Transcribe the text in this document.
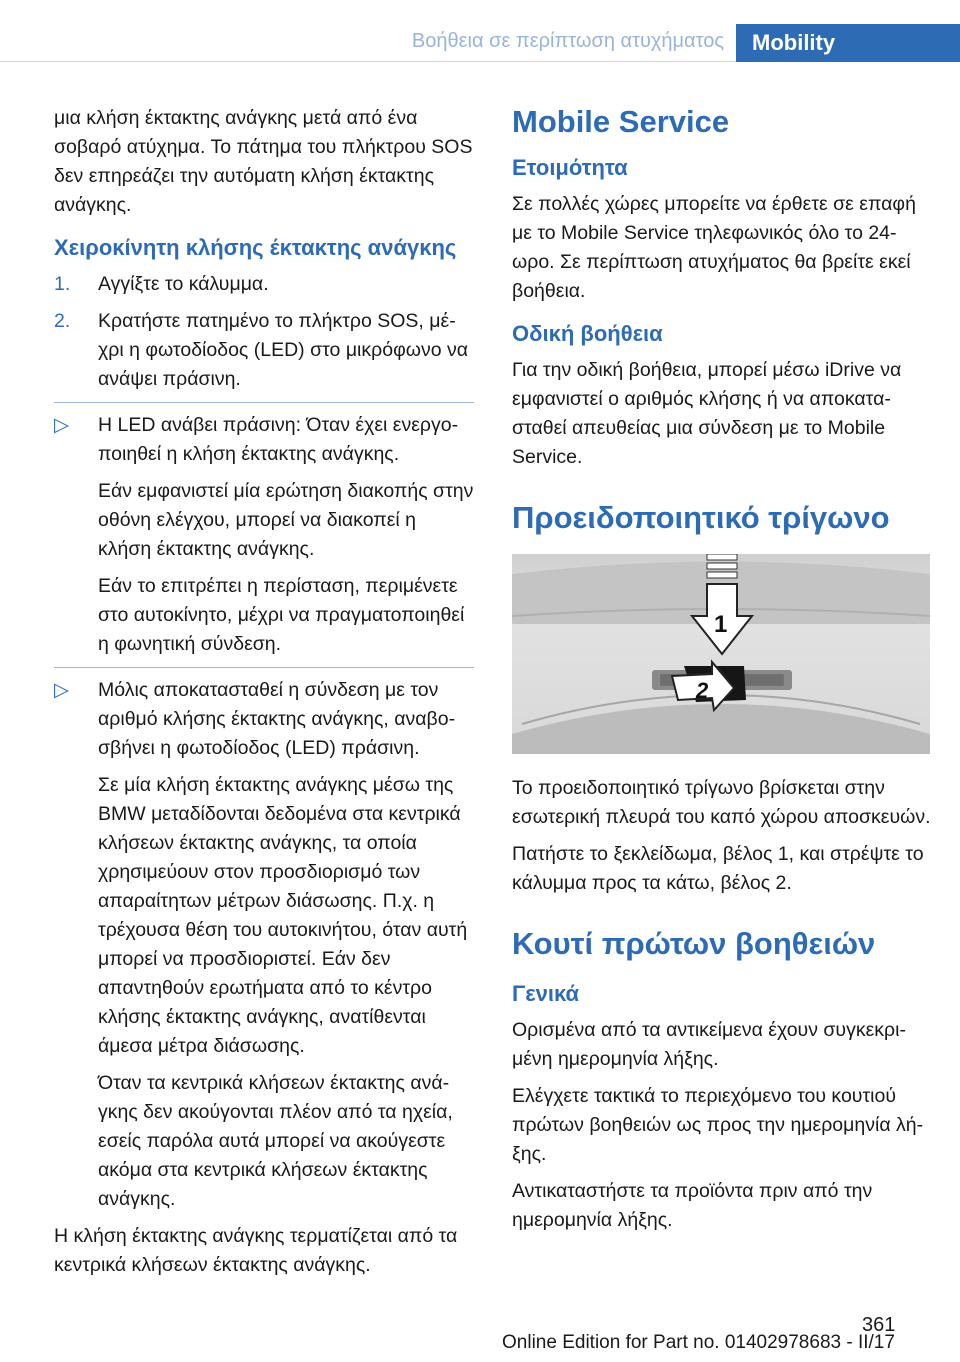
Βοήθεια σε περίπτωση ατυχήματος	Mobility
μια κλήση έκτακτης ανάγκης μετά από ένα σοβαρό ατύχημα. Το πάτημα του πλήκτρου SOS δεν επηρεάζει την αυτόματη κλήση έκτακτης ανάγκης.
Χειροκίνητη κλήσης έκτακτης ανάγκης
1. Αγγίξτε το κάλυμμα.
2. Κρατήστε πατημένο το πλήκτρο SOS, μέχρι η φωτοδίοδος (LED) στο μικρόφωνο να ανάψει πράσινη.
▷ Η LED ανάβει πράσινη: Όταν έχει ενεργοποιηθεί η κλήση έκτακτης ανάγκης.
Εάν εμφανιστεί μία ερώτηση διακοπής στην οθόνη ελέγχου, μπορεί να διακοπεί η κλήση έκτακτης ανάγκης.
Εάν το επιτρέπει η περίσταση, περιμένετε στο αυτοκίνητο, μέχρι να πραγματοποιηθεί η φωνητική σύνδεση.
▷ Μόλις αποκατασταθεί η σύνδεση με τον αριθμό κλήσης έκτακτης ανάγκης, αναβοσβήνει η φωτοδίοδος (LED) πράσινη.
Σε μία κλήση έκτακτης ανάγκης μέσω της BMW μεταδίδονται δεδομένα στα κεντρικά κλήσεων έκτακτης ανάγκης, τα οποία χρησιμεύουν στον προσδιορισμό των απαραίτητων μέτρων διάσωσης. Π.χ. η τρέχουσα θέση του αυτοκινήτου, όταν αυτή μπορεί να προσδιοριστεί. Εάν δεν απαντηθούν ερωτήματα από το κέντρο κλήσης έκτακτης ανάγκης, ανατίθενται άμεσα μέτρα διάσωσης.
Όταν τα κεντρικά κλήσεων έκτακτης ανάγκης δεν ακούγονται πλέον από τα ηχεία, εσείς παρόλα αυτά μπορεί να ακούγεστε ακόμα στα κεντρικά κλήσεων έκτακτης ανάγκης.
Η κλήση έκτακτης ανάγκης τερματίζεται από τα κεντρικά κλήσεων έκτακτης ανάγκης.
Mobile Service
Ετοιμότητα
Σε πολλές χώρες μπορείτε να έρθετε σε επαφή με το Mobile Service τηλεφωνικός όλο το 24-ωρο. Σε περίπτωση ατυχήματος θα βρείτε εκεί βοήθεια.
Οδική βοήθεια
Για την οδική βοήθεια, μπορεί μέσω iDrive να εμφανιστεί ο αριθμός κλήσης ή να αποκατασταθεί απευθείας μια σύνδεση με το Mobile Service.
Προειδοποιητικό τρίγωνο
1
2
Το προειδοποιητικό τρίγωνο βρίσκεται στην εσωτερική πλευρά του καπό χώρου αποσκευών.
Πατήστε το ξεκλείδωμα, βέλος 1, και στρέψτε το κάλυμμα προς τα κάτω, βέλος 2.
Κουτί πρώτων βοηθειών
Γενικά
Ορισμένα από τα αντικείμενα έχουν συγκεκριμένη ημερομηνία λήξης.
Ελέγχετε τακτικά το περιεχόμενο του κουτιού πρώτων βοηθειών ως προς την ημερομηνία λήξης.
Αντικαταστήστε τα προϊόντα πριν από την ημερομηνία λήξης.
361
Online Edition for Part no. 01402978683 - II/17
